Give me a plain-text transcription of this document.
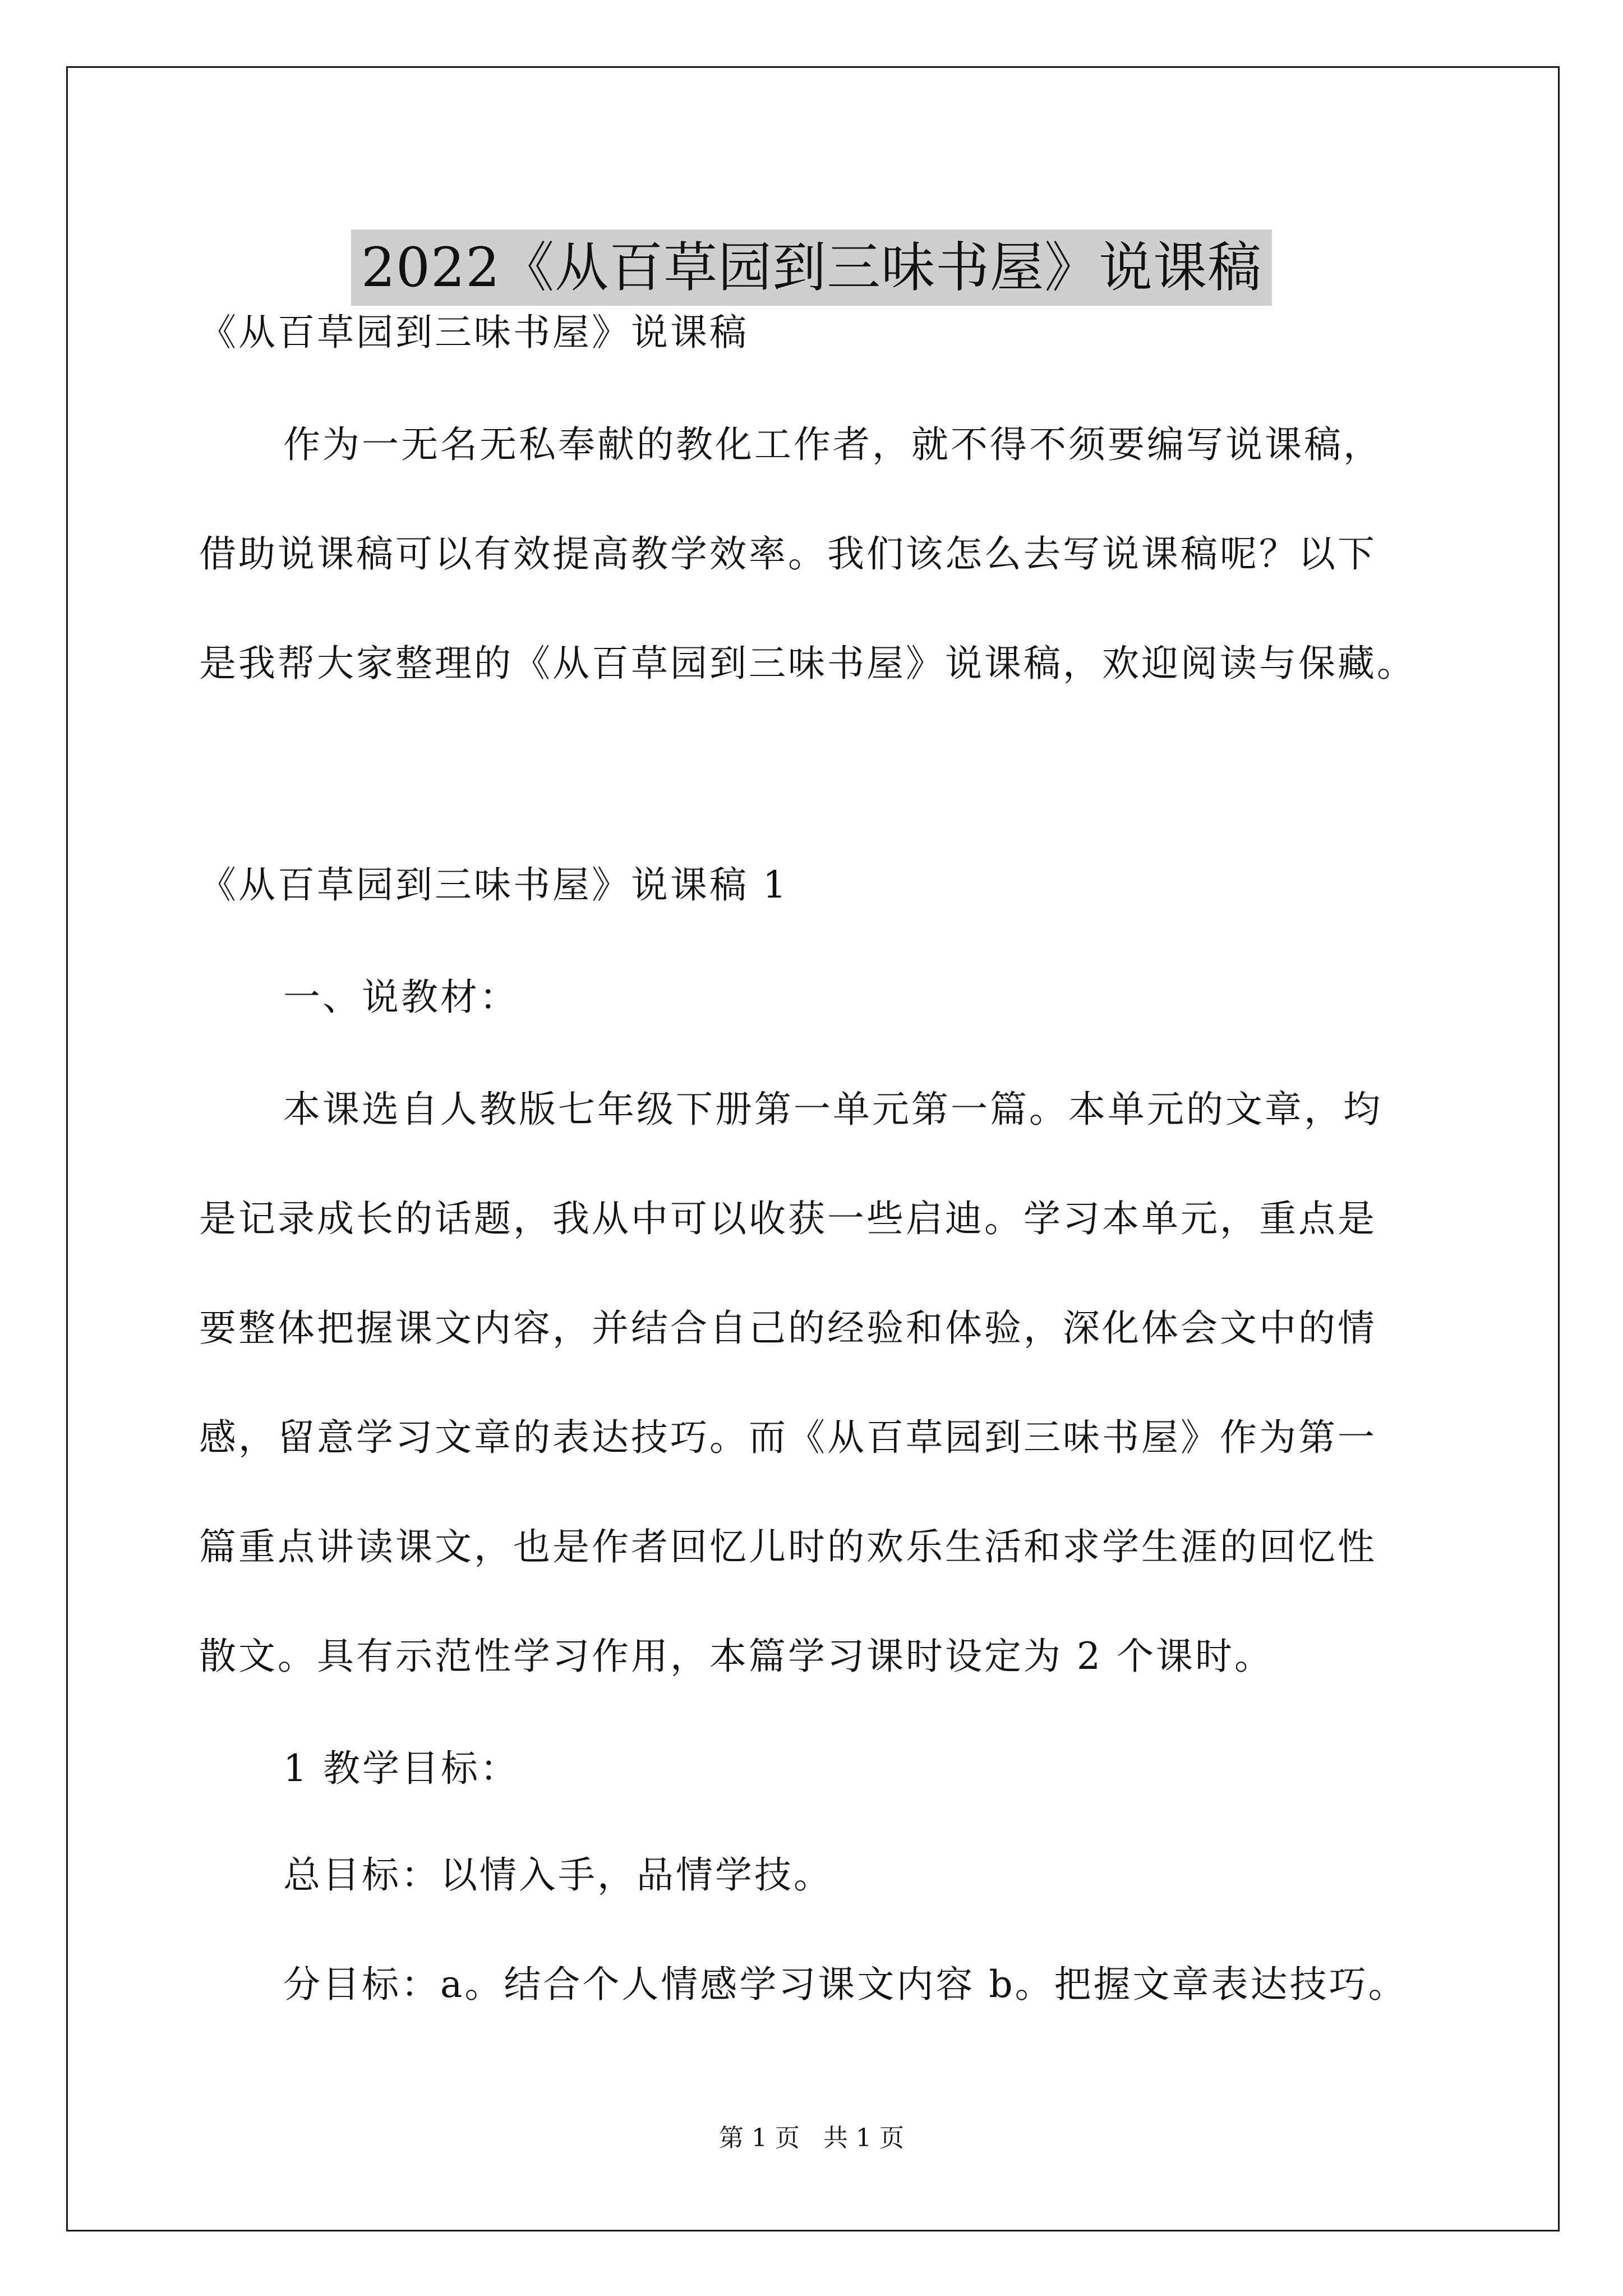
2022《从百草园到三味书屋》说课稿
《从百草园到三味书屋》说课稿
作为一无名无私奉献的教化工作者，就不得不须要编写说课稿，
借助说课稿可以有效提高教学效率。我们该怎么去写说课稿呢？以下
是我帮大家整理的《从百草园到三味书屋》说课稿，欢迎阅读与保藏。
《从百草园到三味书屋》说课稿 1
一、说教材：
本课选自人教版七年级下册第一单元第一篇。本单元的文章，均
是记录成长的话题，我从中可以收获一些启迪。学习本单元，重点是
要整体把握课文内容，并结合自己的经验和体验，深化体会文中的情
感，留意学习文章的表达技巧。而《从百草园到三味书屋》作为第一
篇重点讲读课文，也是作者回忆儿时的欢乐生活和求学生涯的回忆性
散文。具有示范性学习作用，本篇学习课时设定为 2 个课时。
1 教学目标：
总目标：以情入手，品情学技。
分目标：a。结合个人情感学习课文内容 b。把握文章表达技巧。
第 1 页   共 1 页
